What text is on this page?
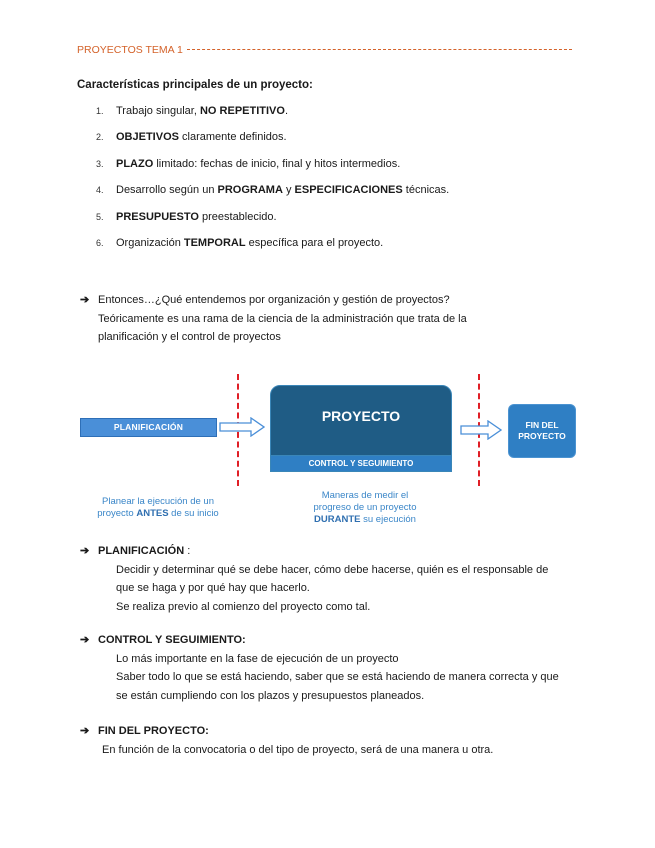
PROYECTOS TEMA 1
Características principales de un proyecto:
1. Trabajo singular, NO REPETITIVO.
2. OBJETIVOS claramente definidos.
3. PLAZO limitado: fechas de inicio, final y hitos intermedios.
4. Desarrollo según un PROGRAMA y ESPECIFICACIONES técnicas.
5. PRESUPUESTO preestablecido.
6. Organización TEMPORAL específica para el proyecto.
➔ Entonces…¿Qué entendemos por organización y gestión de proyectos?
Teóricamente es una rama de la ciencia de la administración que trata de la
planificación y el control de proyectos
PLANIFICACIÓN
PROYECTO
CONTROL Y SEGUIMIENTO
FIN DEL
PROYECTO
Planear la ejecución de un
proyecto ANTES de su inicio
Maneras de medir el
progreso de un proyecto
DURANTE su ejecución
➔ PLANIFICACIÓN :
Decidir y determinar qué se debe hacer, cómo debe hacerse, quién es el responsable de
que se haga y por qué hay que hacerlo.
Se realiza previo al comienzo del proyecto como tal.
➔ CONTROL Y SEGUIMIENTO:
Lo más importante en la fase de ejecución de un proyecto
Saber todo lo que se está haciendo, saber que se está haciendo de manera correcta y que
se están cumpliendo con los plazos y presupuestos planeados.
➔ FIN DEL PROYECTO:
En función de la convocatoria o del tipo de proyecto, será de una manera u otra.
